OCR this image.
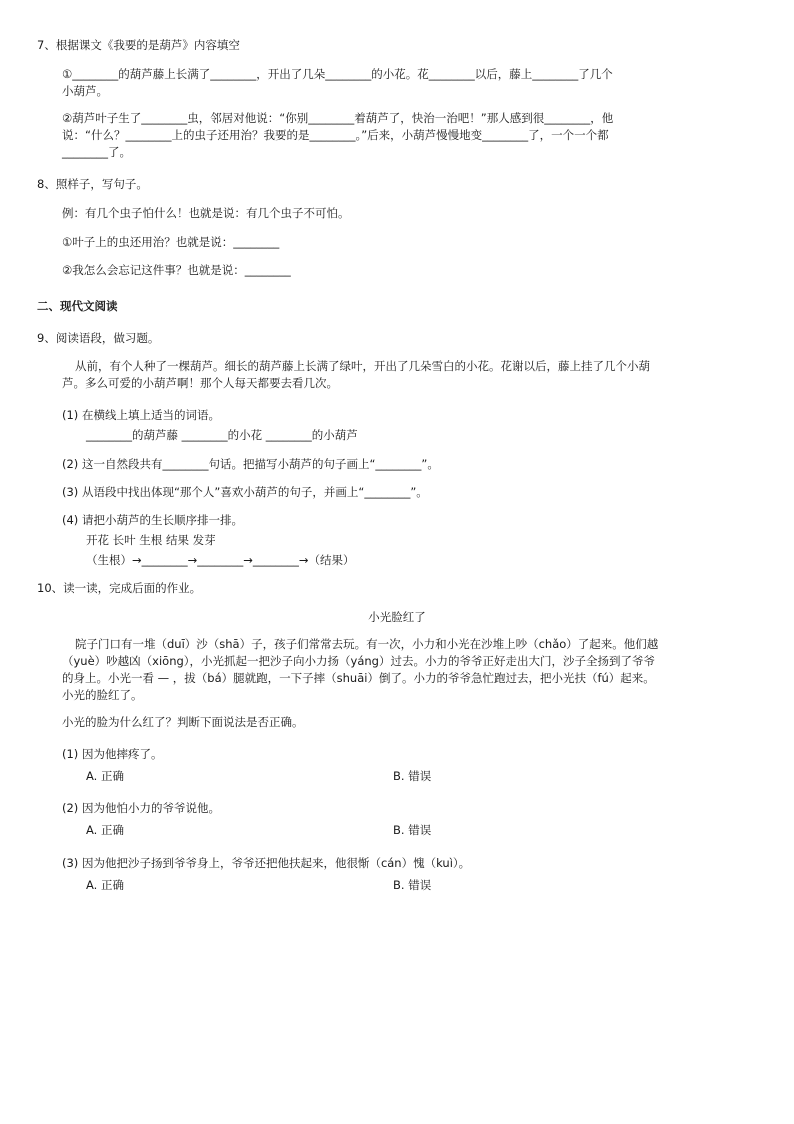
7、根据课文《我要的是葫芦》内容填空
①________的葫芦藤上长满了________，开出了几朵________的小花。花________以后，藤上________了几个
小葫芦。
②葫芦叶子生了________虫，邻居对他说：“你别________着葫芦了，快治一治吧！”那人感到很________，他
说：“什么？________上的虫子还用治？我要的是________。”后来，小葫芦慢慢地变________了，一个一个都
________了。
8、照样子，写句子。
例：有几个虫子怕什么！也就是说：有几个虫子不可怕。
①叶子上的虫还用治？也就是说：________
②我怎么会忘记这件事？也就是说：________
二、现代文阅读
9、阅读语段，做习题。
从前，有个人种了一棵葫芦。细长的葫芦藤上长满了绿叶，开出了几朵雪白的小花。花谢以后，藤上挂了几个小葫
芦。多么可爱的小葫芦啊！那个人每天都要去看几次。
(1) 在横线上填上适当的词语。
________的葫芦藤 ________的小花 ________的小葫芦
(2) 这一自然段共有________句话。把描写小葫芦的句子画上“________”。
(3) 从语段中找出体现“那个人”喜欢小葫芦的句子，并画上“________”。
(4) 请把小葫芦的生长顺序排一排。
开花 长叶 生根 结果 发芽
（生根）→________→________→________→（结果）
10、读一读，完成后面的作业。
小光脸红了
院子门口有一堆（duī）沙（shā）子，孩子们常常去玩。有一次，小力和小光在沙堆上吵（chǎo）了起来。他们越
（yuè）吵越凶（xiōng），小光抓起一把沙子向小力扬（yáng）过去。小力的爷爷正好走出大门，沙子全扬到了爷爷
的身上。小光一看 — ，拔（bá）腿就跑，一下子摔（shuāi）倒了。小力的爷爷急忙跑过去，把小光扶（fú）起来。
小光的脸红了。
小光的脸为什么红了？判断下面说法是否正确。
(1) 因为他摔疼了。
A. 正确	B. 错误
(2) 因为他怕小力的爷爷说他。
A. 正确	B. 错误
(3) 因为他把沙子扬到爷爷身上，爷爷还把他扶起来，他很惭（cán）愧（kuì）。
A. 正确	B. 错误
